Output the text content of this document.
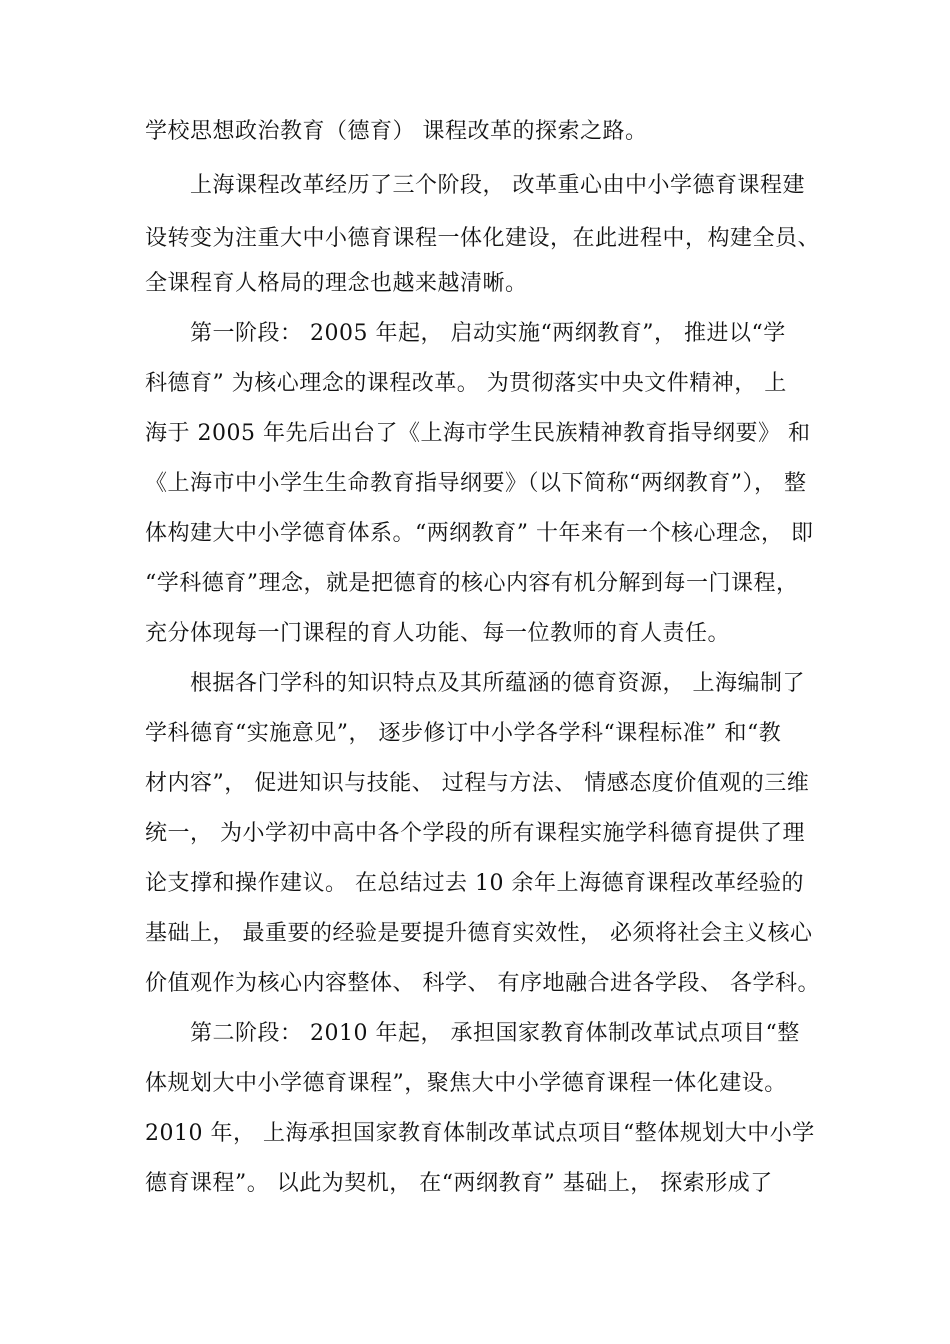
学校思想政治教育（德育） 课程改革的探索之路。
上海课程改革经历了三个阶段， 改革重心由中小学德育课程建
设转变为注重大中小德育课程一体化建设，在此进程中，构建全员、
全课程育人格局的理念也越来越清晰。
第一阶段： 2005 年起， 启动实施“两纲教育”， 推进以“学
科德育” 为核心理念的课程改革。 为贯彻落实中央文件精神， 上
海于 2005 年先后出台了《上海市学生民族精神教育指导纲要》 和
《上海市中小学生生命教育指导纲要》（以下简称“两纲教育”）， 整
体构建大中小学德育体系。“两纲教育” 十年来有一个核心理念， 即
“学科德育”理念，就是把德育的核心内容有机分解到每一门课程，
充分体现每一门课程的育人功能、每一位教师的育人责任。
根据各门学科的知识特点及其所蕴涵的德育资源， 上海编制了
学科德育“实施意见”， 逐步修订中小学各学科“课程标准” 和“教
材内容”， 促进知识与技能、 过程与方法、 情感态度价值观的三维
统一， 为小学初中高中各个学段的所有课程实施学科德育提供了理
论支撑和操作建议。 在总结过去 10 余年上海德育课程改革经验的
基础上， 最重要的经验是要提升德育实效性， 必须将社会主义核心
价值观作为核心内容整体、 科学、 有序地融合进各学段、 各学科。
第二阶段： 2010 年起， 承担国家教育体制改革试点项目“整
体规划大中小学德育课程”，聚焦大中小学德育课程一体化建设。
2010 年， 上海承担国家教育体制改革试点项目“整体规划大中小学
德育课程”。 以此为契机， 在“两纲教育” 基础上， 探索形成了
